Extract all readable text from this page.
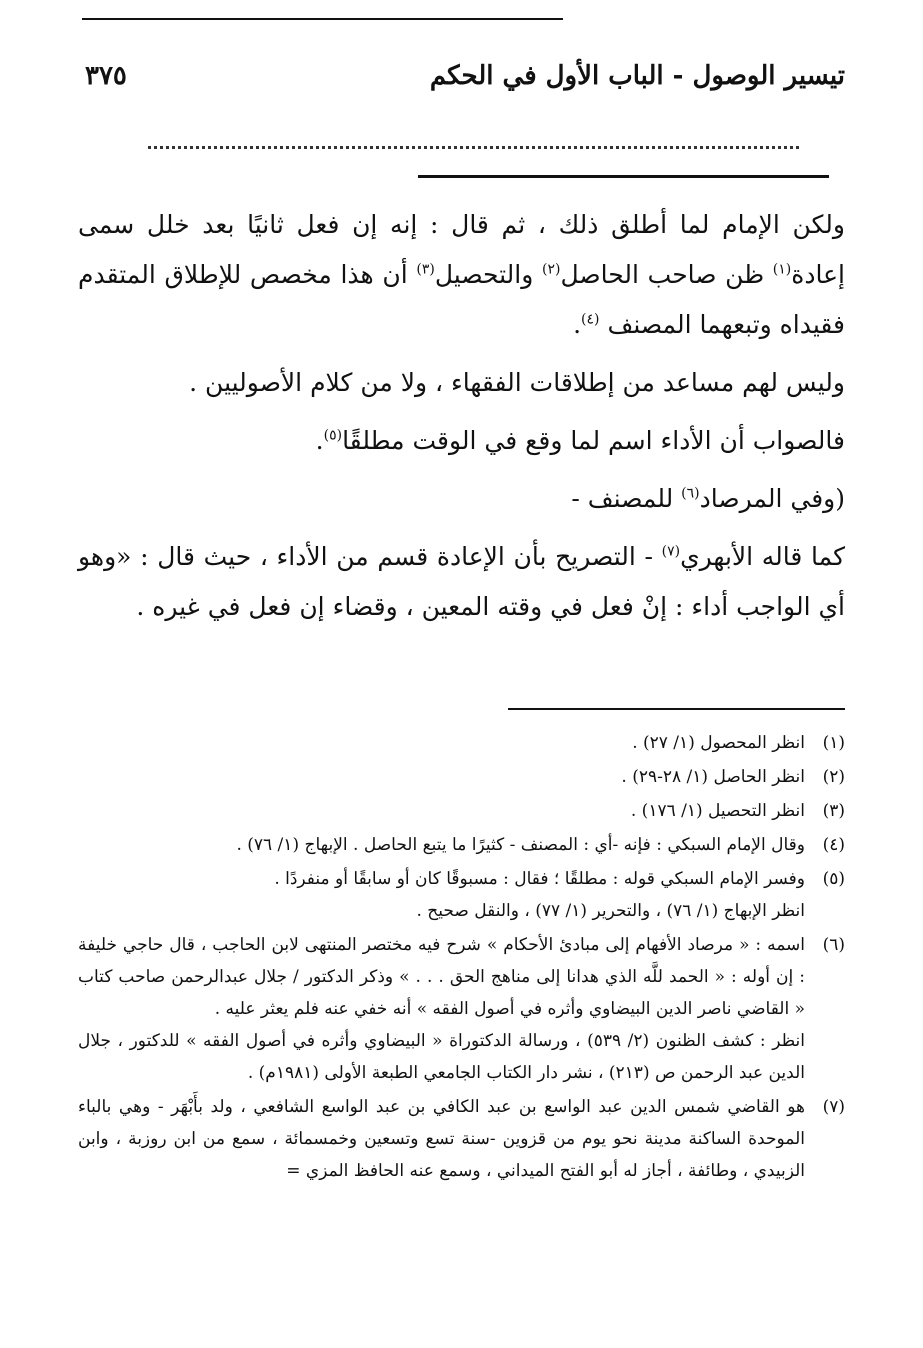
تيسير الوصول - الباب الأول في الحكم
٣٧٥

ولكن الإمام لما أطلق ذلك ، ثم قال : إنه إن فعل ثانيًا بعد خلل سمى إعادة$^{(١)}$ ظن صاحب الحاصل$^{(٢)}$ والتحصيل$^{(٣)}$ أن هذا مخصص للإطلاق المتقدم فقيداه وتبعهما المصنف $^{(٤)}$.

وليس لهم مساعد من إطلاقات الفقهاء ، ولا من كلام الأصوليين .

فالصواب أن الأداء اسم لما وقع في الوقت مطلقًا$^{(٥)}$.

(وفي المرصاد$^{(٦)}$ للمصنف -

كما قاله الأبهري$^{(٧)}$ - التصريح بأن الإعادة قسم من الأداء ، حيث قال : «وهو أي الواجب أداء : إنْ فعل في وقته المعين ، وقضاء إن فعل في غيره .

(١)
انظر المحصول (١/ ٢٧) .
(٢)
انظر الحاصل (١/ ٢٨-٢٩) .
(٣)
انظر التحصيل (١/ ١٧٦) .
(٤)
وقال الإمام السبكي : فإنه -أي : المصنف - كثيرًا ما يتبع الحاصل . الإبهاج (١/ ٧٦) .
(٥)
وفسر الإمام السبكي قوله : مطلقًا ؛ فقال : مسبوقًا كان أو سابقًا أو منفردًا .

انظر الإبهاج (١/ ٧٦) ، والتحرير (١/ ٧٧) ، والنقل صحيح .

(٦)
اسمه : « مرصاد الأفهام إلى مبادئ الأحكام » شرح فيه مختصر المنتهى لابن الحاجب ، قال حاجي خليفة : إن أوله : « الحمد للَّه الذي هدانا إلى مناهج الحق . . . » وذكر الدكتور / جلال عبدالرحمن صاحب كتاب « القاضي ناصر الدين البيضاوي وأثره في أصول الفقه » أنه خفي عنه فلم يعثر عليه .

انظر : كشف الظنون (٢/ ٥٣٩) ، ورسالة الدكتوراة « البيضاوي وأثره في أصول الفقه » للدكتور ، جلال الدين عبد الرحمن ص (٢١٣) ، نشر دار الكتاب الجامعي الطبعة الأولى (١٩٨١م) .

(٧)
هو القاضي شمس الدين عبد الواسع بن عبد الكافي بن عبد الواسع الشافعي ، ولد بأَبْهَر - وهي بالباء الموحدة الساكنة مدينة نحو يوم من قزوين -سنة تسع وتسعين وخمسمائة ، سمع من ابن روزبة ، وابن الزبيدي ، وطائفة ، أجاز له أبو الفتح الميداني ، وسمع عنه الحافظ المزي =
